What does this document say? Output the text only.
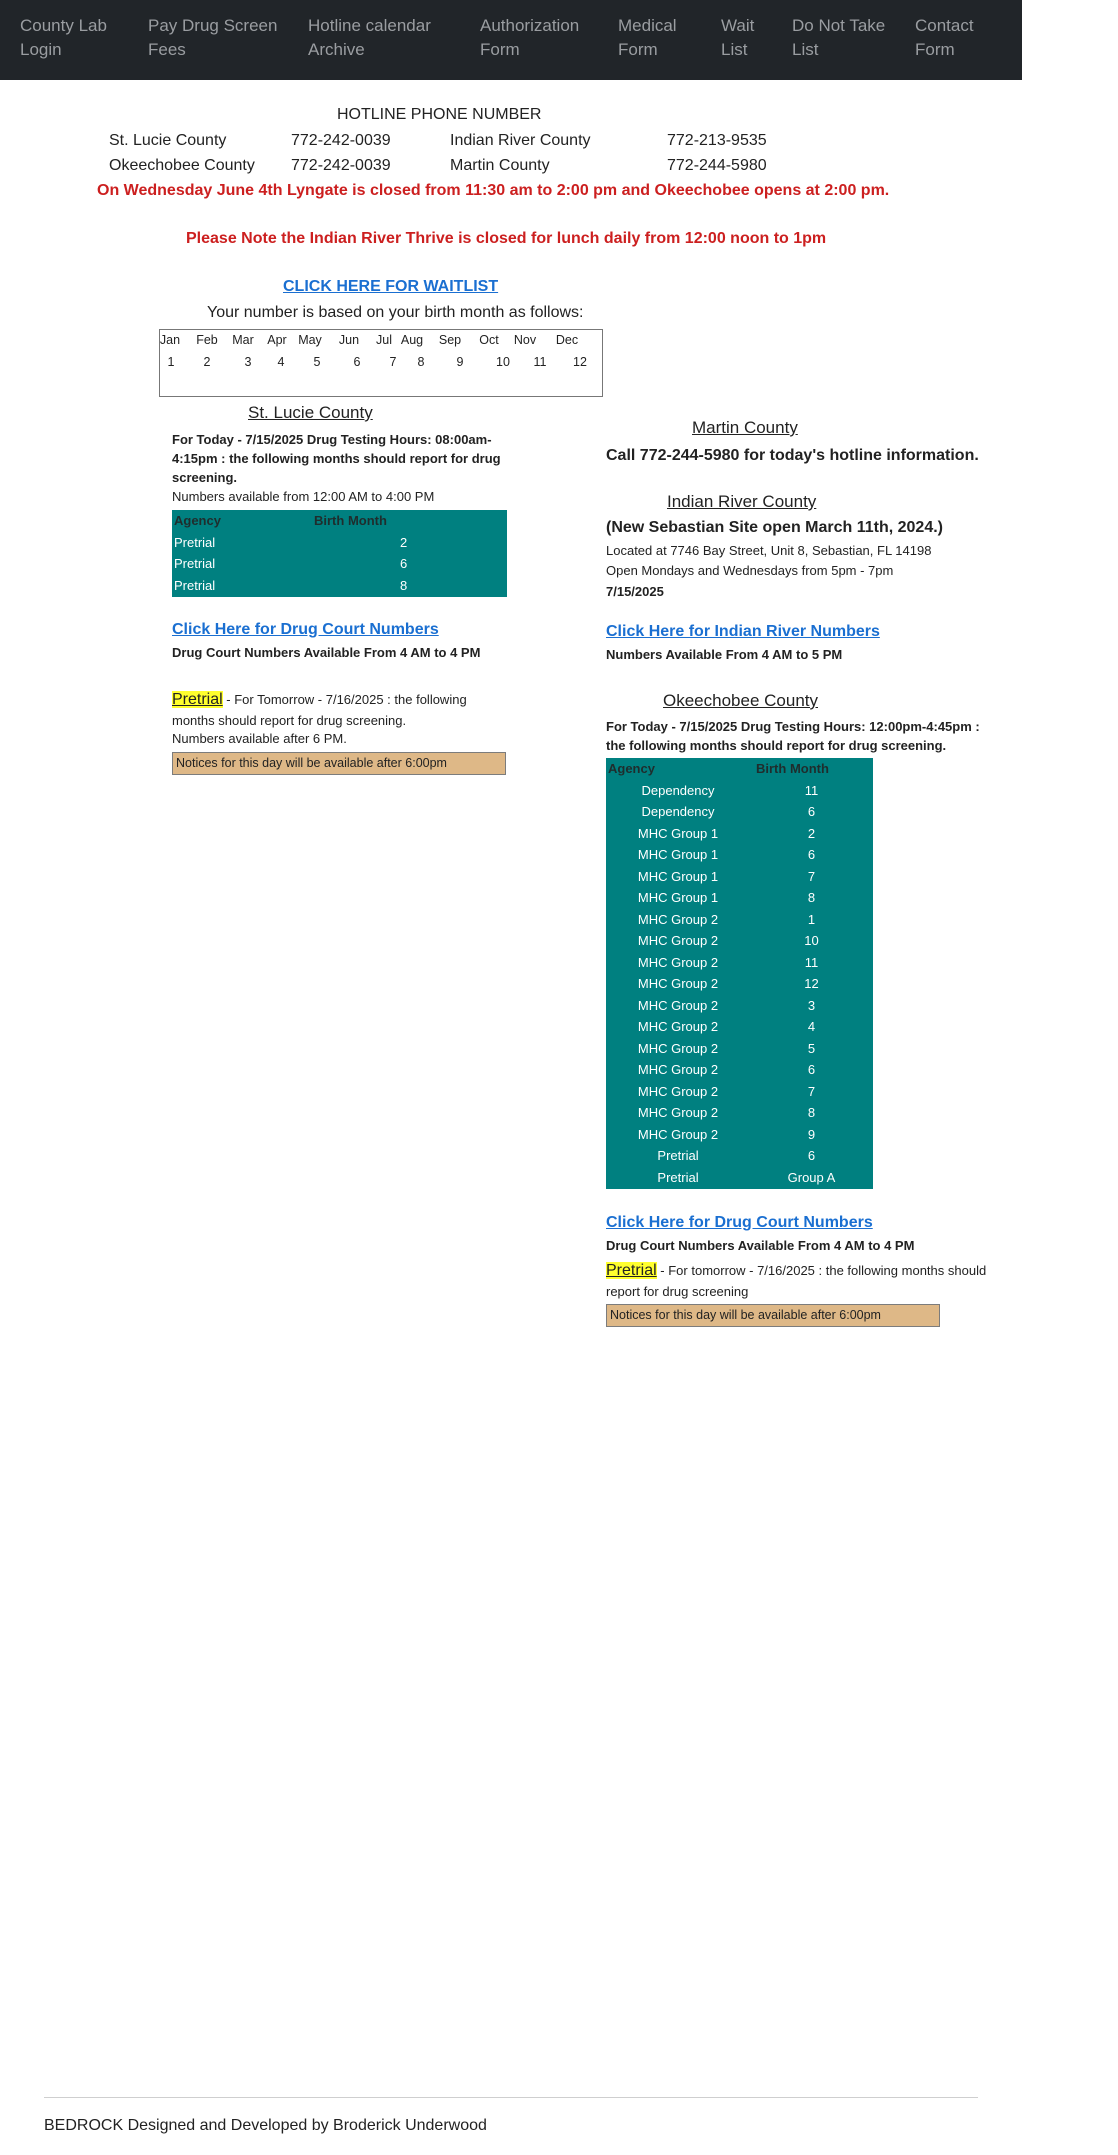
County Lab Login
Pay Drug Screen Fees
Hotline calendar Archive
Authorization Form
Medical Form
Wait List
Do Not Take List
Contact Form
HOTLINE PHONE NUMBER
St. Lucie County	772-242-0039	Indian River County	772-213-9535
Okeechobee County 772-242-0039	Martin County	772-244-5980
On Wednesday June 4th Lyngate is closed from 11:30 am to 2:00 pm and Okeechobee opens at 2:00 pm.
Please Note the Indian River Thrive is closed for lunch daily from 12:00 noon to 1pm
CLICK HERE FOR WAITLIST
Your number is based on your birth month as follows:
Jan	Feb	Mar	Apr May	Jun	Jul Aug	Sep	Oct	Nov	Dec
1	2	3	4	5	6	7	8	9	10	11	12
St. Lucie County
For Today - 7/15/2025 Drug Testing Hours: 08:00am-4:15pm : the following months should report for drug screening.
Numbers available from 12:00 AM to 4:00 PM
Agency	Birth Month
Pretrial	2
Pretrial	6
Pretrial	8
Click Here for Drug Court Numbers
Drug Court Numbers Available From 4 AM to 4 PM
Pretrial - For Tomorrow - 7/16/2025 : the following months should report for drug screening.
Numbers available after 6 PM.
Notices for this day will be available after 6:00pm
Martin County
Call 772-244-5980 for today's hotline information.
Indian River County
(New Sebastian Site open March 11th, 2024.)
Located at 7746 Bay Street, Unit 8, Sebastian, FL 14198
Open Mondays and Wednesdays from 5pm - 7pm
7/15/2025
Click Here for Indian River Numbers
Numbers Available From 4 AM to 5 PM
Okeechobee County
For Today - 7/15/2025 Drug Testing Hours: 12:00pm-4:45pm : the following months should report for drug screening.
Agency	Birth Month
Dependency	11
Dependency	6
MHC Group 1	2
MHC Group 1	6
MHC Group 1	7
MHC Group 1	8
MHC Group 2	1
MHC Group 2	10
MHC Group 2	11
MHC Group 2	12
MHC Group 2	3
MHC Group 2	4
MHC Group 2	5
MHC Group 2	6
MHC Group 2	7
MHC Group 2	8
MHC Group 2	9
Pretrial	6
Pretrial	Group A
Click Here for Drug Court Numbers
Drug Court Numbers Available From 4 AM to 4 PM
Pretrial - For tomorrow - 7/16/2025 : the following months should report for drug screening
Notices for this day will be available after 6:00pm
BEDROCK Designed and Developed by Broderick Underwood
